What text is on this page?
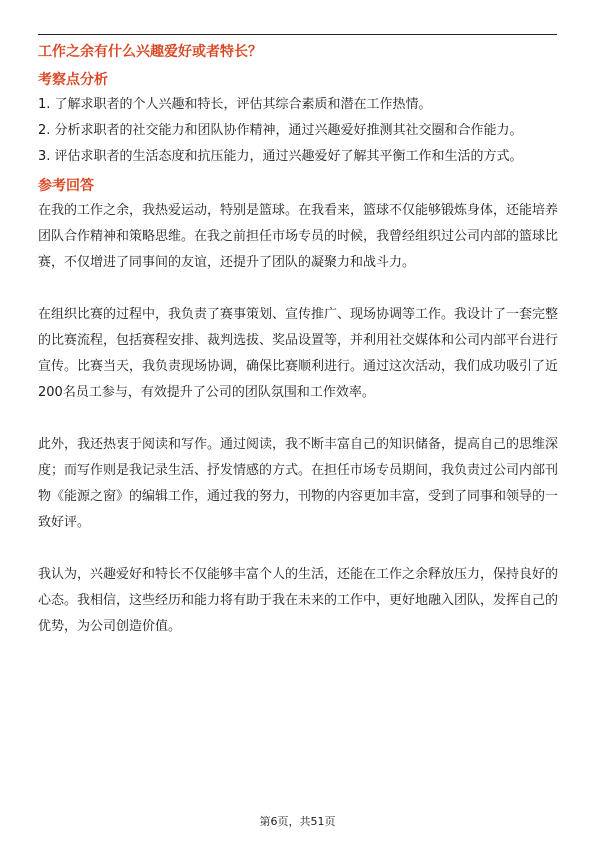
工作之余有什么兴趣爱好或者特长？
考察点分析

1. 了解求职者的个人兴趣和特长，评估其综合素质和潜在工作热情。

2. 分析求职者的社交能力和团队协作精神，通过兴趣爱好推测其社交圈和合作能力。

3. 评估求职者的生活态度和抗压能力，通过兴趣爱好了解其平衡工作和生活的方式。

参考回答

在我的工作之余，我热爱运动，特别是篮球。在我看来，篮球不仅能够锻炼身体，还能培养团队合作精神和策略思维。在我之前担任市场专员的时候，我曾经组织过公司内部的篮球比赛，不仅增进了同事间的友谊，还提升了团队的凝聚力和战斗力。

在组织比赛的过程中，我负责了赛事策划、宣传推广、现场协调等工作。我设计了一套完整的比赛流程，包括赛程安排、裁判选拔、奖品设置等，并利用社交媒体和公司内部平台进行宣传。比赛当天，我负责现场协调，确保比赛顺利进行。通过这次活动，我们成功吸引了近200名员工参与，有效提升了公司的团队氛围和工作效率。

此外，我还热衷于阅读和写作。通过阅读，我不断丰富自己的知识储备，提高自己的思维深度；而写作则是我记录生活、抒发情感的方式。在担任市场专员期间，我负责过公司内部刊物《能源之窗》的编辑工作，通过我的努力，刊物的内容更加丰富，受到了同事和领导的一致好评。

我认为，兴趣爱好和特长不仅能够丰富个人的生活，还能在工作之余释放压力，保持良好的心态。我相信，这些经历和能力将有助于我在未来的工作中，更好地融入团队，发挥自己的优势，为公司创造价值。

第6页，共51页
